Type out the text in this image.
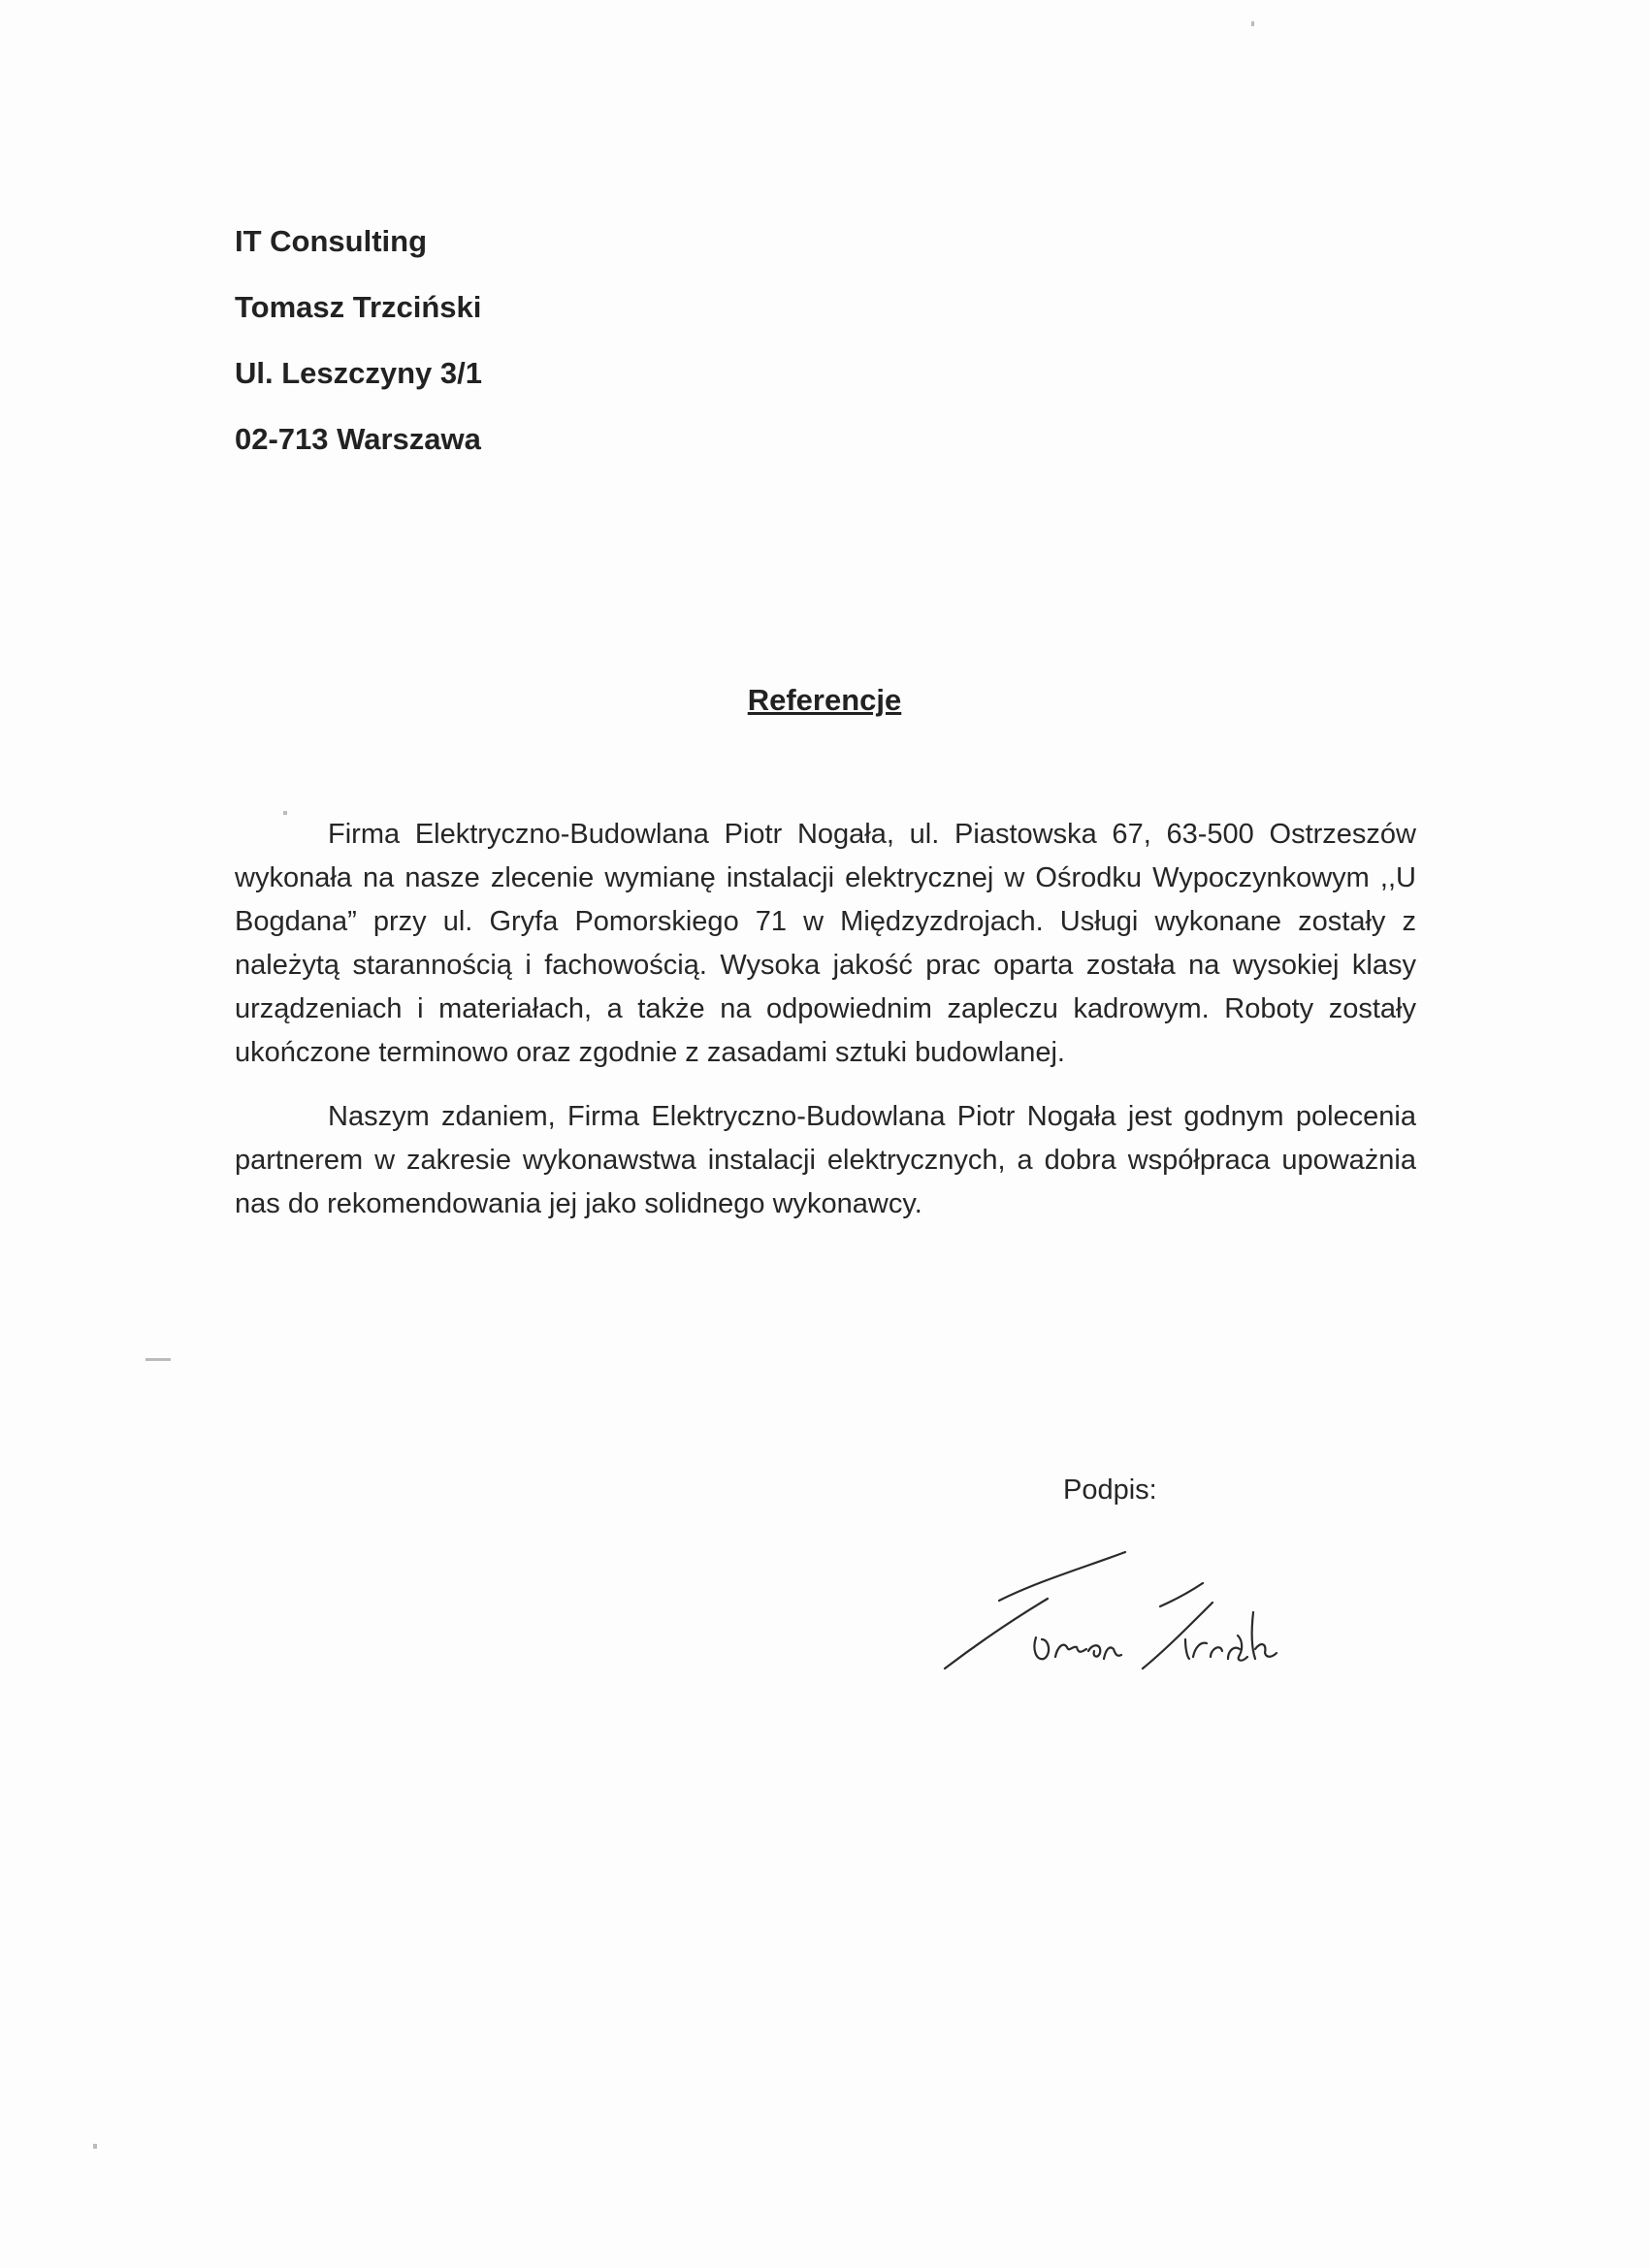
IT Consulting
Tomasz Trzciński
Ul. Leszczyny 3/1
02-713 Warszawa
Referencje

Firma Elektryczno-Budowlana Piotr Nogała, ul. Piastowska 67, 63-500 Ostrzeszów wykonała na nasze zlecenie wymianę instalacji elektrycznej w Ośrodku Wypoczynkowym ,,U Bogdana” przy ul. Gryfa Pomorskiego 71 w Międzyzdrojach. Usługi wykonane zostały z należytą starannością i fachowością. Wysoka jakość prac oparta została na wysokiej klasy urządzeniach i materiałach, a także na odpowiednim zapleczu kadrowym. Roboty zostały ukończone terminowo oraz zgodnie z zasadami sztuki budowlanej.

Naszym zdaniem, Firma Elektryczno-Budowlana Piotr Nogała jest godnym polecenia partnerem w zakresie wykonawstwa instalacji elektrycznych, a dobra współpraca upoważnia nas do rekomendowania jej jako solidnego wykonawcy.

Podpis:
